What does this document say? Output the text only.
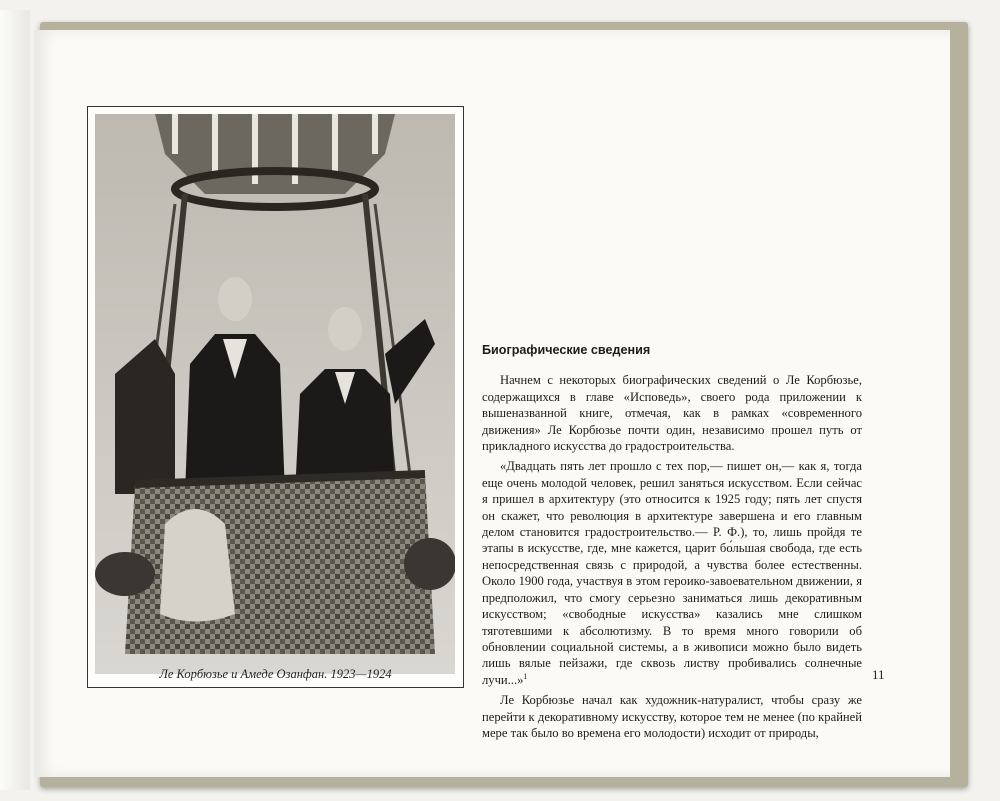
Ле Корбюзье и Амеде Озанфан. 1923—1924
Биографические сведения

Начнем с некоторых биографических сведений о Ле Корбюзье, содержащихся в главе «Исповедь», своего рода приложении к вышеназванной книге, отмечая, как в рамках «современного движения» Ле Корбюзье почти один, независимо прошел путь от прикладного искусства до градостроительства.

«Двадцать пять лет прошло с тех пор,— пишет он,— как я, тогда еще очень молодой человек, решил заняться искусством. Если сейчас я пришел в архитектуру (это относится к 1925 году; пять лет спустя он скажет, что революция в архитектуре завершена и его главным делом становится градостроительство.— Р. Ф.), то, лишь пройдя те этапы в искусстве, где, мне кажется, царит бо́льшая свобода, где есть непосредственная связь с природой, а чувства более естественны. Около 1900 года, участвуя в этом героико-завоевательном движении, я предположил, что смогу серьезно заниматься лишь декоративным искусством; «свободные искусства» казались мне слишком тяготевшими к абсолютизму. В то время много говорили об обновлении социальной системы, а в живописи можно было видеть лишь вялые пейзажи, где сквозь листву пробивались солнечные лучи...»$^1$

Ле Корбюзье начал как художник-натуралист, чтобы сразу же перейти к декоративному искусству, которое тем не менее (по крайней мере так было во времена его молодости) исходит от природы,

11
